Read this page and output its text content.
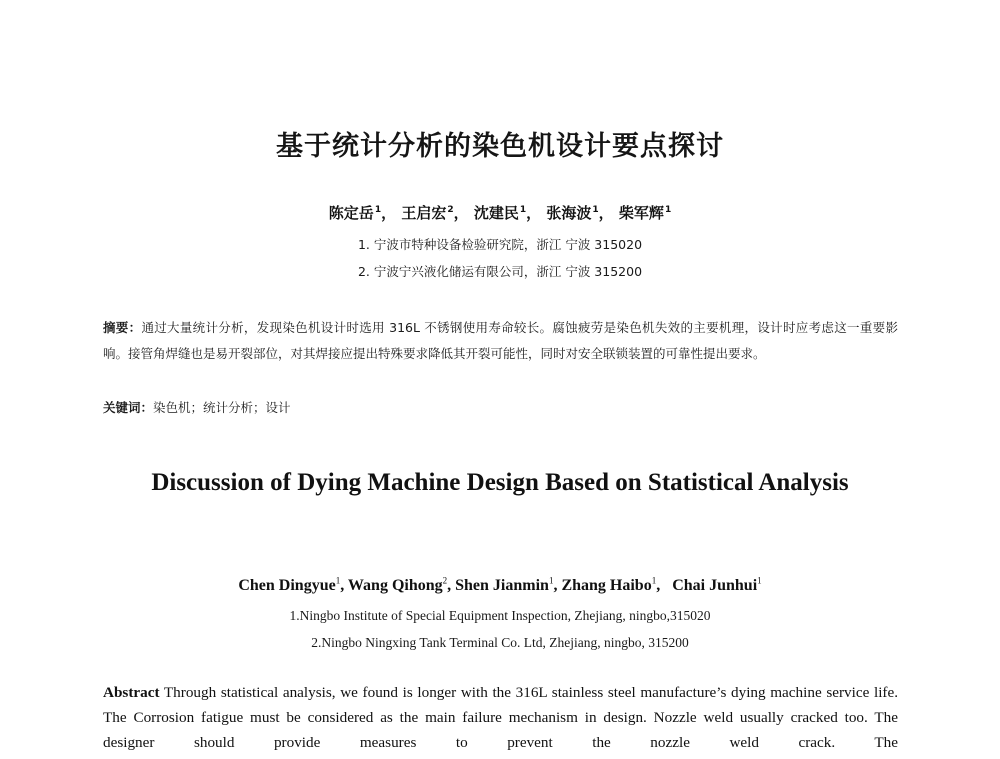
基于统计分析的染色机设计要点探讨
陈定岳$^1$， 王启宏$^2$， 沈建民$^1$， 张海波$^1$， 柴军辉$^1$
1. 宁波市特种设备检验研究院，浙江 宁波 315020
2. 宁波宁兴液化储运有限公司，浙江 宁波 315200
摘要：通过大量统计分析，发现染色机设计时选用 316L 不锈钢使用寿命较长。腐蚀疲劳是染色机失效的主要机理，设计时应考虑这一重要影响。接管角焊缝也是易开裂部位，对其焊接应提出特殊要求降低其开裂可能性，同时对安全联锁装置的可靠性提出要求。
关键词：染色机；统计分析；设计
Discussion of Dying Machine Design Based on Statistical Analysis
Chen Dingyue$^1$, Wang Qihong$^2$, Shen Jianmin$^1$, Zhang Haibo$^1$,   Chai Junhui$^1$
1.Ningbo Institute of Special Equipment Inspection, Zhejiang, ningbo,315020
2.Ningbo Ningxing Tank Terminal Co. Ltd, Zhejiang, ningbo, 315200
Abstract Through statistical analysis, we found is longer with the 316L stainless steel manufacture’s dying machine service life. The Corrosion fatigue must be considered as the main failure mechanism in design. Nozzle weld usually cracked too. The designer should provide measures to prevent the nozzle weld crack. The
